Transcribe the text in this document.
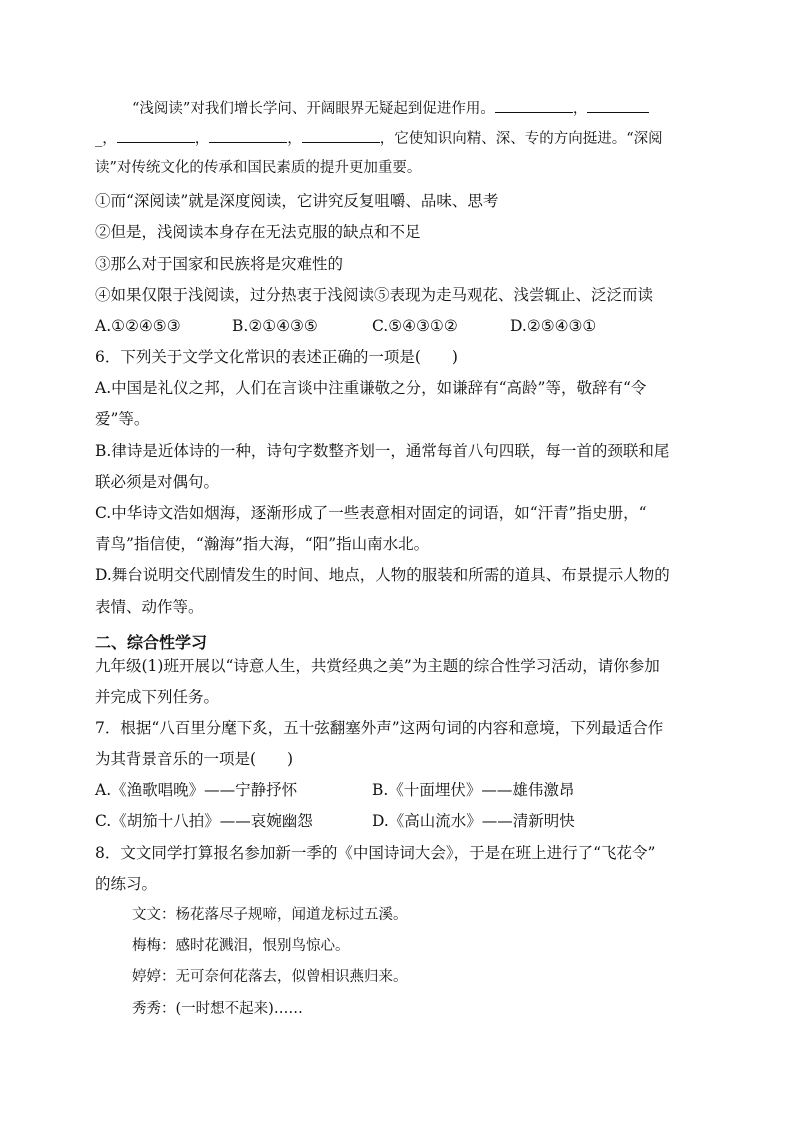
“浅阅读”对我们增长学问、开阔眼界无疑起到促进作用。	，
_，	，	，	，它使知识向精、深、专的方向挺进。“深阅
读”对传统文化的传承和国民素质的提升更加重要。
①而“深阅读”就是深度阅读，它讲究反复咀嚼、品味、思考
②但是，浅阅读本身存在无法克服的缺点和不足
③那么对于国家和民族将是灾难性的
④如果仅限于浅阅读，过分热衷于浅阅读⑤表现为走马观花、浅尝辄止、泛泛而读
A.①②④⑤③	B.②①④③⑤	C.⑤④③①②	D.②⑤④③①
6．下列关于文学文化常识的表述正确的一项是(　　)
A.中国是礼仪之邦，人们在言谈中注重谦敬之分，如谦辞有“高龄”等，敬辞有“令
爱”等。
B.律诗是近体诗的一种，诗句字数整齐划一，通常每首八句四联，每一首的颈联和尾
联必须是对偶句。
C.中华诗文浩如烟海，逐渐形成了一些表意相对固定的词语，如“汗青”指史册，“
青鸟”指信使，“瀚海”指大海，“阳”指山南水北。
D.舞台说明交代剧情发生的时间、地点，人物的服装和所需的道具、布景提示人物的
表情、动作等。
二、综合性学习
九年级(1)班开展以“诗意人生，共赏经典之美”为主题的综合性学习活动，请你参加
并完成下列任务。
7．根据“八百里分麾下炙，五十弦翻塞外声”这两句词的内容和意境，下列最适合作
为其背景音乐的一项是(　　)
A.《渔歌唱晚》——宁静抒怀	B.《十面埋伏》——雄伟激昂
C.《胡笳十八拍》——哀婉幽怨	D.《高山流水》——清新明快
8．文文同学打算报名参加新一季的《中国诗词大会》，于是在班上进行了“飞花令”
的练习。
文文：杨花落尽子规啼，闻道龙标过五溪。
梅梅：感时花溅泪，恨别鸟惊心。
婷婷：无可奈何花落去，似曾相识燕归来。
秀秀：(一时想不起来)……
